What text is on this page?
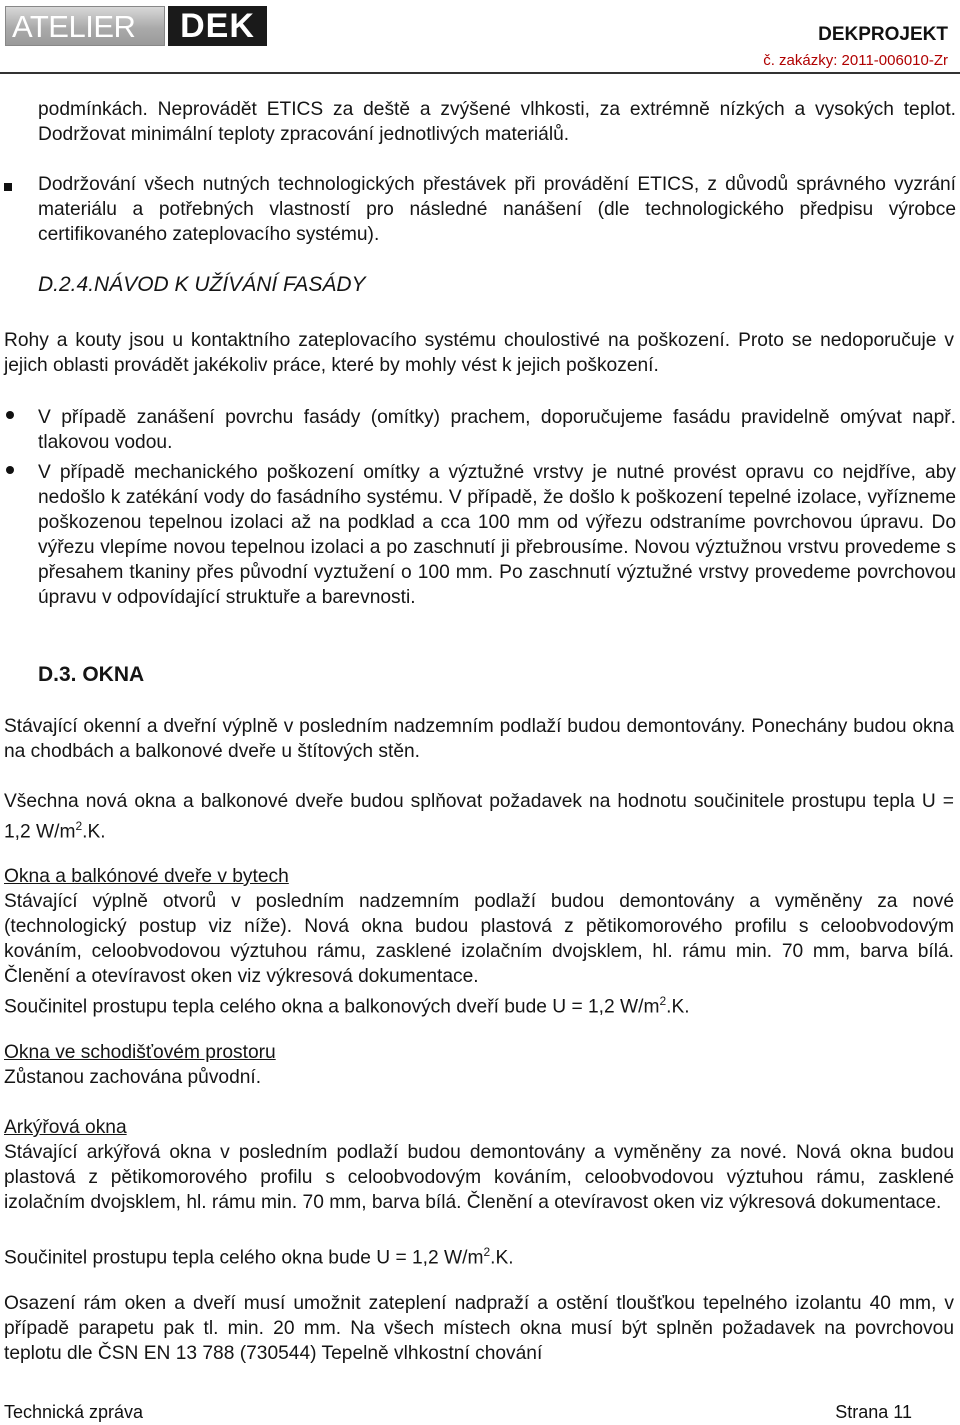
ATELIER	DEK	DEKPROJEKT
č. zakázky: 2011-006010-Zr

podmínkách. Neprovádět ETICS za deště a zvýšené vlhkosti, za extrémně nízkých a vysokých teplot. Dodržovat minimální teploty zpracování jednotlivých materiálů.

Dodržování všech nutných technologických přestávek při provádění ETICS, z důvodů správného vyzrání materiálu a potřebných vlastností pro následné nanášení (dle technologického předpisu výrobce certifikovaného zateplovacího systému).

D.2.4.NÁVOD K UŽÍVÁNÍ FASÁDY

Rohy a kouty jsou u kontaktního zateplovacího systému choulostivé na poškození. Proto se nedoporučuje v jejich oblasti provádět jakékoliv práce, které by mohly vést k jejich poškození.

V případě zanášení povrchu fasády (omítky) prachem, doporučujeme fasádu pravidelně omývat např. tlakovou vodou.

V případě mechanického poškození omítky a výztužné vrstvy je nutné provést opravu co nejdříve, aby nedošlo k zatékání vody do fasádního systému. V případě, že došlo k poškození tepelné izolace, vyřízneme poškozenou tepelnou izolaci až na podklad a cca 100 mm od výřezu odstraníme povrchovou úpravu. Do výřezu vlepíme novou tepelnou izolaci a po zaschnutí ji přebrousíme. Novou výztužnou vrstvu provedeme s přesahem tkaniny přes původní vyztužení o 100 mm. Po zaschnutí výztužné vrstvy provedeme povrchovou úpravu v odpovídající struktuře a barevnosti.

D.3. OKNA

Stávající okenní a dveřní výplně v posledním nadzemním podlaží budou demontovány. Ponechány budou okna na chodbách a balkonové dveře u štítových stěn.

Všechna nová okna a balkonové dveře budou splňovat požadavek na hodnotu součinitele prostupu tepla U = 1,2 $W/m^2.K$.

Okna a balkónové dveře v bytech

Stávající výplně otvorů v posledním nadzemním podlaží budou demontovány a vyměněny za nové (technologický postup viz níže). Nová okna budou plastová z pětikomorového profilu s celoobvodovým kováním, celoobvodovou výztuhou rámu, zasklené izolačním dvojsklem, hl. rámu min. 70 mm, barva bílá. Členění a otevíravost oken viz výkresová dokumentace.

Součinitel prostupu tepla celého okna a balkonových dveří bude U = 1,2 $W/m^2.K$.

Okna ve schodišťovém prostoru

Zůstanou zachována původní.

Arkýřová okna

Stávající arkýřová okna v posledním podlaží budou demontovány a vyměněny za nové. Nová okna budou plastová z pětikomorového profilu s celoobvodovým kováním, celoobvodovou výztuhou rámu, zasklené izolačním dvojsklem, hl. rámu min. 70 mm, barva bílá. Členění a otevíravost oken viz výkresová dokumentace.

Součinitel prostupu tepla celého okna bude U = 1,2 $W/m^2.K$.

Osazení rám oken a dveří musí umožnit zateplení nadpraží a ostění tloušťkou tepelného izolantu 40 mm, v případě parapetu pak tl. min. 20 mm. Na všech místech okna musí být splněn požadavek na povrchovou teplotu dle ČSN EN 13 788 (730544) Tepelně vlhkostní chování

Technická zpráva	Strana 11
